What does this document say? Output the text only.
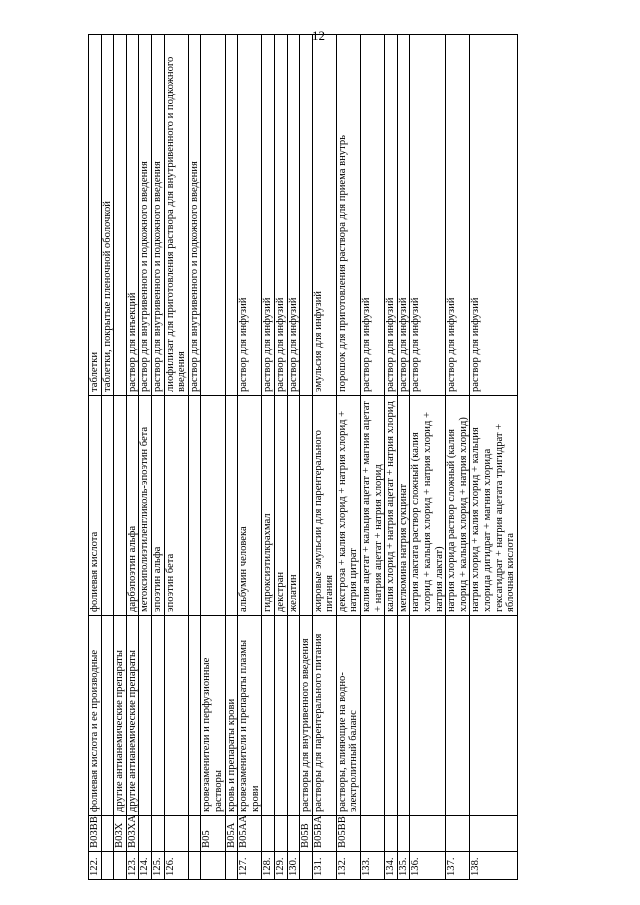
12
122.	B03BB	фолиевая кислота и ее производные	фолиевая кислота	таблетки
				таблетки, покрытые пленочной оболочкой
	B03X	другие антианемические препараты		
123.	B03XA	другие антианемические препараты	дарбэпоэтин альфа	раствор для инъекций
124.			метоксиполиэтиленгликоль-эпоэтин бета	раствор для внутривенного и подкожного введения
125.			эпоэтин альфа	раствор для внутривенного и подкожного введения
126.			эпоэтин бета	лиофилизат для приготовления раствора для внутривенного и подкожного введения
				раствор для внутривенного и подкожного введения
	B05	кровезаменители и перфузионные растворы		
	B05A	кровь и препараты крови		
127.	B05AA	кровезаменители и препараты плазмы крови	альбумин человека	раствор для инфузий
128.			гидроксиэтилкрахмал	раствор для инфузий
129.			декстран	раствор для инфузий
130.			желатин	раствор для инфузий
	B05B	растворы для внутривенного введения		
131.	B05BA	растворы для парентерального питания	жировые эмульсии для парентерального питания	эмульсия для инфузий
132.	B05BB	растворы, влияющие на водно-электролитный баланс	декстроза + калия хлорид + натрия хлорид + натрия цитрат	порошок для приготовления раствора для приема внутрь
133.			калия ацетат + кальция ацетат + магния ацетат + натрия ацетат + натрия хлорид	раствор для инфузий
134.			калия хлорид + натрия ацетат + натрия хлорид	раствор для инфузий
135.			меглюмина натрия сукцинат	раствор для инфузий
136.			натрия лактата раствор сложный (калия хлорид + кальция хлорид + натрия хлорид + натрия лактат)	раствор для инфузий
137.			натрия хлорида раствор сложный (калия хлорид + кальция хлорид + натрия хлорид)	раствор для инфузий
138.			натрия хлорид + калия хлорид + кальция хлорида дигидрат + магния хлорида гексагидрат + натрия ацетата тригидрат + яблочная кислота	раствор для инфузий
